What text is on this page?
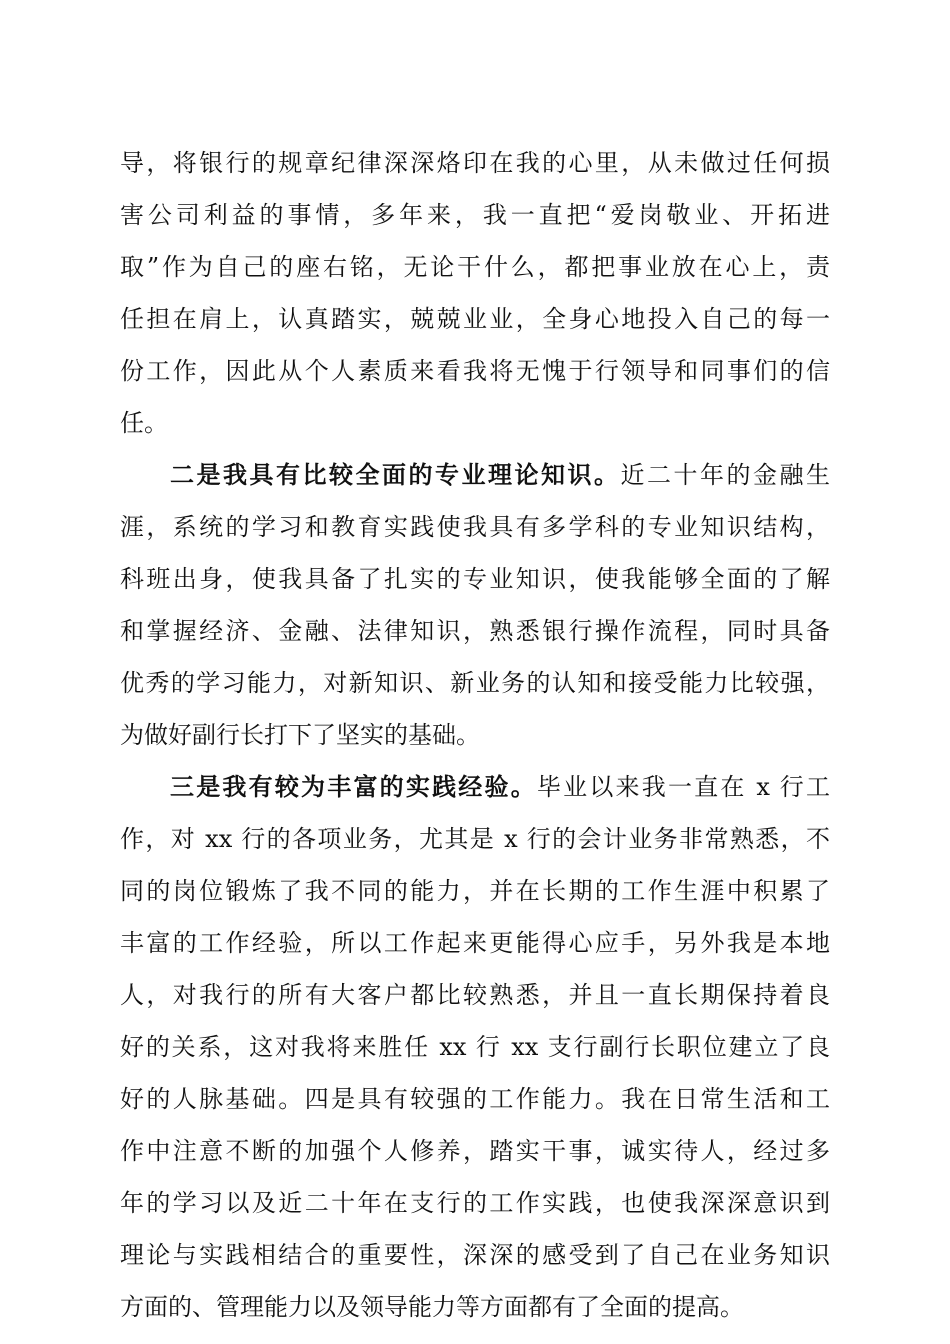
导，将银行的规章纪律深深烙印在我的心里，从未做过任何损
害公司利益的事情，多年来，我一直把“爱岗敬业、开拓进
取”作为自己的座右铭，无论干什么，都把事业放在心上，责
任担在肩上，认真踏实，兢兢业业，全身心地投入自己的每一
份工作，因此从个人素质来看我将无愧于行领导和同事们的信
任。
二是我具有比较全面的专业理论知识。近二十年的金融生
涯，系统的学习和教育实践使我具有多学科的专业知识结构，
科班出身，使我具备了扎实的专业知识，使我能够全面的了解
和掌握经济、金融、法律知识，熟悉银行操作流程，同时具备
优秀的学习能力，对新知识、新业务的认知和接受能力比较强，
为做好副行长打下了坚实的基础。
三是我有较为丰富的实践经验。毕业以来我一直在 x 行工
作，对 xx 行的各项业务，尤其是 x 行的会计业务非常熟悉，不
同的岗位锻炼了我不同的能力，并在长期的工作生涯中积累了
丰富的工作经验，所以工作起来更能得心应手，另外我是本地
人，对我行的所有大客户都比较熟悉，并且一直长期保持着良
好的关系，这对我将来胜任 xx 行 xx 支行副行长职位建立了良
好的人脉基础。四是具有较强的工作能力。我在日常生活和工
作中注意不断的加强个人修养，踏实干事，诚实待人，经过多
年的学习以及近二十年在支行的工作实践，也使我深深意识到
理论与实践相结合的重要性，深深的感受到了自己在业务知识
方面的、管理能力以及领导能力等方面都有了全面的提高。
